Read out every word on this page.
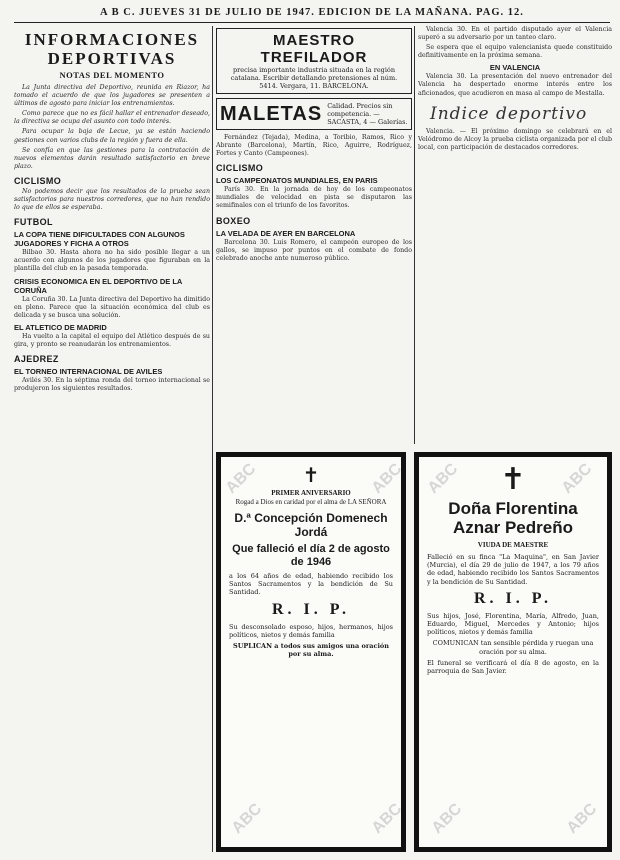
A B C. JUEVES 31 DE JULIO DE 1947. EDICION DE LA MAÑANA. PAG. 12.
INFORMACIONES DEPORTIVAS
NOTAS DEL MOMENTO

La Junta directiva del Deportivo, reunida en Riazor, ha tomado el acuerdo de que los jugadores se presenten a últimos de agosto para iniciar los entrenamientos.

Como parece que no es fácil hallar el entrenador deseado, la directiva se ocupa del asunto con todo interés.

Para ocupar la baja de Lecue, ya se están haciendo gestiones con varios clubs de la región y fuera de ella.

Se confía en que las gestiones para la contratación de nuevos elementos darán resultado satisfactorio en breve plazo.

CICLISMO

No podemos decir que los resultados de la prueba sean satisfactorios para nuestros corredores, que no han rendido lo que de ellos se esperaba.

FUTBOL
LA COPA TIENE DIFICULTADES CON ALGUNOS JUGADORES Y FICHA A OTROS

Bilbao 30. Hasta ahora no ha sido posible llegar a un acuerdo con algunos de los jugadores que figuraban en la plantilla del club en la pasada temporada.

CRISIS ECONOMICA EN EL DEPORTIVO DE LA CORUÑA

La Coruña 30. La Junta directiva del Deportivo ha dimitido en pleno. Parece que la situación económica del club es delicada y se busca una solución.

EL ATLETICO DE MADRID

Ha vuelto a la capital el equipo del Atlético después de su gira, y pronto se reanudarán los entrenamientos.

AJEDREZ
EL TORNEO INTERNACIONAL DE AVILES

Avilés 30. En la séptima ronda del torneo internacional se produjeron los siguientes resultados.

MAESTRO TREFILADOR
precisa importante industria situada en la región catalana. Escribir detallando pretensiones al núm. 5414. Vergara, 11. BARCELONA.
MALETAS Calidad. Precios sin competencia. — SACASTA, 4 — Galerías.

Fernández (Tejada), Medina, a Toribio, Ramos, Rico y Abrante (Barcelona), Martín, Rico, Aguirre, Rodríguez, Fortes y Canto (Campeones).

CICLISMO
LOS CAMPEONATOS MUNDIALES, EN PARIS

París 30. En la jornada de hoy de los campeonatos mundiales de velocidad en pista se disputaron las semifinales con el triunfo de los favoritos.

BOXEO
LA VELADA DE AYER EN BARCELONA

Barcelona 30. Luis Romero, el campeón europeo de los gallos, se impuso por puntos en el combate de fondo celebrado anoche ante numeroso público.

Valencia 30. En el partido disputado ayer el Valencia superó a su adversario por un tanteo claro.

Se espera que el equipo valencianista quede constituido definitivamente en la próxima semana.

EN VALENCIA

Valencia 30. La presentación del nuevo entrenador del Valencia ha despertado enorme interés entre los aficionados, que acudieron en masa al campo de Mestalla.

Indice deportivo

Valencia. — El próximo domingo se celebrará en el Velódromo de Alcoy la prueba ciclista organizada por el club local, con participación de destacados corredores.

✝
PRIMER ANIVERSARIO
Rogad a Dios en caridad por el alma de LA SEÑORA
D.ª Concepción Domenech Jordá
Que falleció el día 2 de agosto de 1946
a los 64 años de edad, habiendo recibido los Santos Sacramentos y la bendición de Su Santidad.
R. I. P.
Su desconsolado esposo, hijos, hermanos, hijos políticos, nietos y demás familia
SUPLICAN a todos sus amigos una oración por su alma.
✝
Doña Florentina Aznar Pedreño
VIUDA DE MAESTRE
Falleció en su finca "La Maquina", en San Javier (Murcia), el día 29 de julio de 1947, a los 79 años de edad, habiendo recibido los Santos Sacramentos y la bendición de Su Santidad.
R. I. P.
Sus hijos, José, Florentina, María, Alfredo, Juan, Eduardo, Miguel, Mercedes y Antonio; hijos políticos, nietos y demás familia
COMUNICAN tan sensible pérdida y ruegan una oración por su alma.
El funeral se verificará el día 8 de agosto, en la parroquia de San Javier.
ABC	ABC ABC	ABC
ABC	ABC ABC	ABC
